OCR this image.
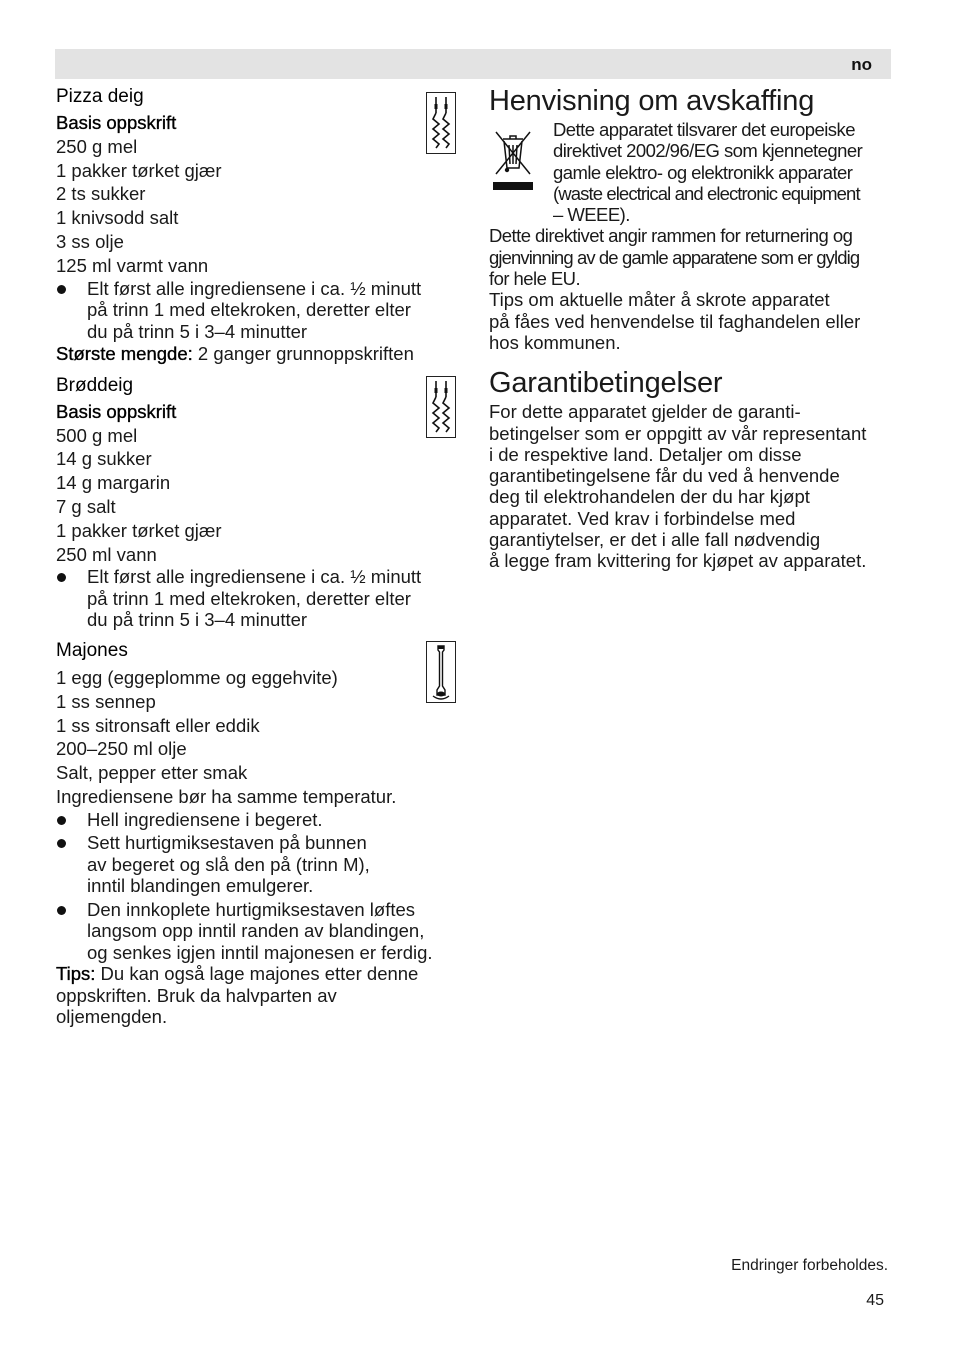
no

Pizza deig

Basis oppskrift

250 g mel

1 pakker tørket gjær

2 ts sukker

1 knivsodd salt

3 ss olje

125 ml varmt vann

Elt først alle ingrediensene i ca. ½ minutt
på trinn 1 med eltekroken, deretter elter
du på trinn 5 i 3–4 minutter

Største mengde: 2 ganger grunnoppskriften

Brøddeig

Basis oppskrift

500 g mel

14 g sukker

14 g margarin

7 g salt

1 pakker tørket gjær

250 ml vann

Elt først alle ingrediensene i ca. ½ minutt
på trinn 1 med eltekroken, deretter elter
du på trinn 5 i 3–4 minutter

Majones

1 egg (eggeplomme og eggehvite)

1 ss sennep

1 ss sitronsaft eller eddik

200–250 ml olje

Salt, pepper etter smak

Ingrediensene bør ha samme temperatur.

Hell ingrediensene i begeret.
Sett hurtigmiksestaven på bunnen
av begeret og slå den på (trinn M),
inntil blandingen emulgerer.
Den innkoplete hurtigmiksestaven løftes
langsom opp inntil randen av blandingen,
og senkes igjen inntil majonesen er ferdig.
Tips: Du kan også lage majones etter denne
oppskriften. Bruk da halvparten av
oljemengden.

Henvisning om avskaffing

Dette apparatet tilsvarer det europeiske
direktivet 2002/96/EG som kjennetegner
gamle elektro- og elektronikk apparater
(waste electrical and electronic equipment
– WEEE).
Dette direktivet angir rammen for returnering og
gjenvinning av de gamle apparatene som er gyldig
for hele EU.
Tips om aktuelle måter å skrote apparatet
på fåes ved henvendelse til faghandelen eller
hos kommunen.

Garantibetingelser

For dette apparatet gjelder de garanti-
betingelser som er oppgitt av vår representant
i de respektive land. Detaljer om disse
garantibetingelsene får du ved å henvende
deg til elektrohandelen der du har kjøpt
apparatet. Ved krav i forbindelse med
garantiytelser, er det i alle fall nødvendig
å legge fram kvittering for kjøpet av apparatet.
Endringer forbeholdes.
45
